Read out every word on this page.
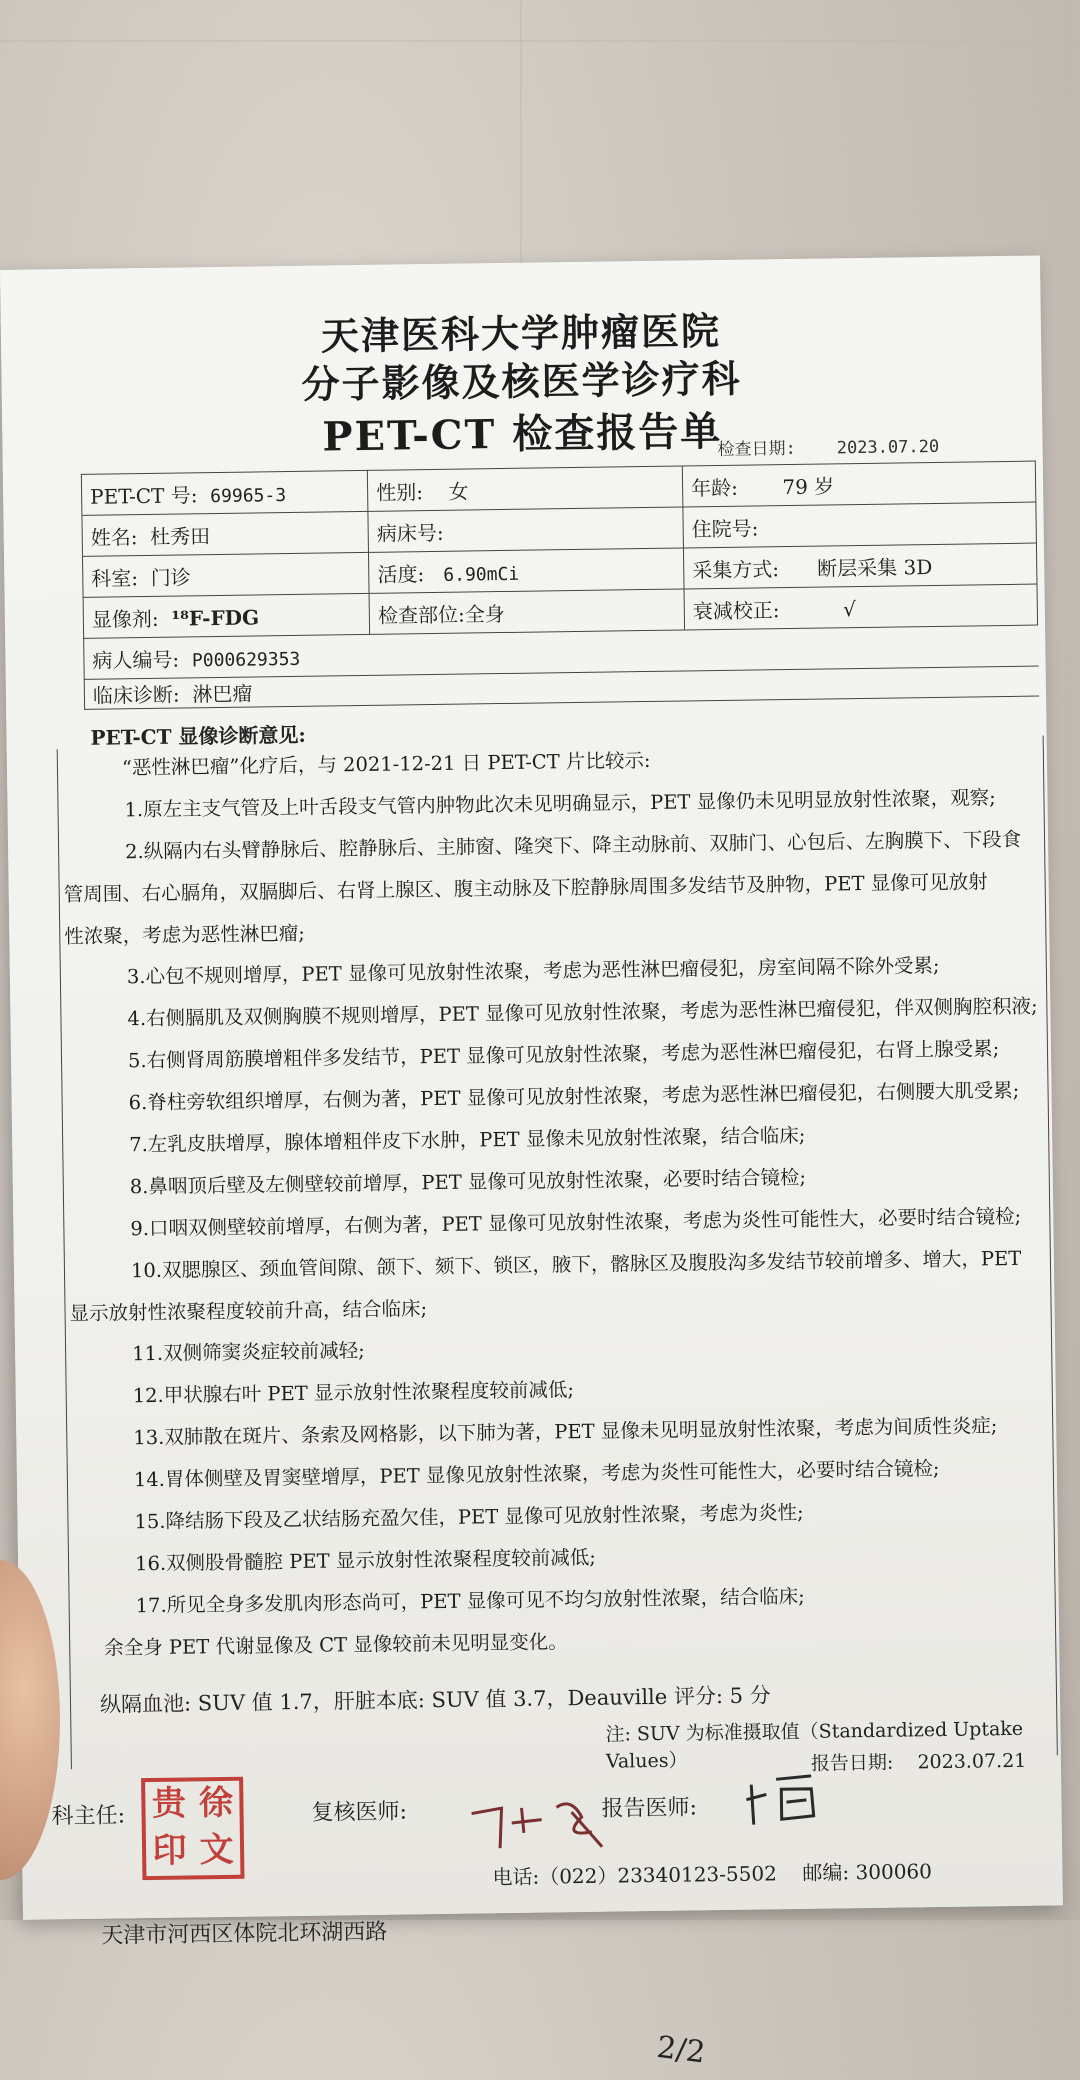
天津医科大学肿瘤医院
分子影像及核医学诊疗科
PET-CT 检查报告单
检查日期: 2023.07.20
PET-CT 号: 69965-3	性别: 女	年龄: 79 岁
姓名: 杜秀田	病床号:	住院号:
科室: 门诊	活度: 6.90mCi	采集方式: 断层采集 3D
显像剂: ¹⁸F-FDG	检查部位:全身	衰减校正: √
病人编号: P000629353		
临床诊断: 淋巴瘤		
PET-CT 显像诊断意见:

“恶性淋巴瘤”化疗后，与 2021-12-21 日 PET-CT 片比较示:

1.原左主支气管及上叶舌段支气管内肿物此次未见明确显示，PET 显像仍未见明显放射性浓聚，观察;

2.纵隔内右头臂静脉后、腔静脉后、主肺窗、隆突下、降主动脉前、双肺门、心包后、左胸膜下、下段食

管周围、右心膈角，双膈脚后、右肾上腺区、腹主动脉及下腔静脉周围多发结节及肿物，PET 显像可见放射

性浓聚，考虑为恶性淋巴瘤;

3.心包不规则增厚，PET 显像可见放射性浓聚，考虑为恶性淋巴瘤侵犯，房室间隔不除外受累;

4.右侧膈肌及双侧胸膜不规则增厚，PET 显像可见放射性浓聚，考虑为恶性淋巴瘤侵犯，伴双侧胸腔积液;

5.右侧肾周筋膜增粗伴多发结节，PET 显像可见放射性浓聚，考虑为恶性淋巴瘤侵犯，右肾上腺受累;

6.脊柱旁软组织增厚，右侧为著，PET 显像可见放射性浓聚，考虑为恶性淋巴瘤侵犯，右侧腰大肌受累;

7.左乳皮肤增厚，腺体增粗伴皮下水肿，PET 显像未见放射性浓聚，结合临床;

8.鼻咽顶后壁及左侧壁较前增厚，PET 显像可见放射性浓聚，必要时结合镜检;

9.口咽双侧壁较前增厚，右侧为著，PET 显像可见放射性浓聚，考虑为炎性可能性大，必要时结合镜检;

10.双腮腺区、颈血管间隙、颌下、颏下、锁区，腋下，髂脉区及腹股沟多发结节较前增多、增大，PET

显示放射性浓聚程度较前升高，结合临床;

11.双侧筛窦炎症较前减轻;

12.甲状腺右叶 PET 显示放射性浓聚程度较前减低;

13.双肺散在斑片、条索及网格影，以下肺为著，PET 显像未见明显放射性浓聚，考虑为间质性炎症;

14.胃体侧壁及胃窦壁增厚，PET 显像见放射性浓聚，考虑为炎性可能性大，必要时结合镜检;

15.降结肠下段及乙状结肠充盈欠佳，PET 显像可见放射性浓聚，考虑为炎性;

16.双侧股骨髓腔 PET 显示放射性浓聚程度较前减低;

17.所见全身多发肌肉形态尚可，PET 显像可见不均匀放射性浓聚，结合临床;

余全身 PET 代谢显像及 CT 显像较前未见明显变化。

纵隔血池: SUV 值 1.7，肝脏本底: SUV 值 3.7，Deauville 评分: 5 分
注: SUV 为标准摄取值（Standardized Uptake Values）	报告日期: 2023.07.21
科主任: 贵 徐
印 文
复核医师:	报告医师:
电话:（022）23340123-5502 邮编: 300060
天津市河西区体院北环湖西路
2/2
